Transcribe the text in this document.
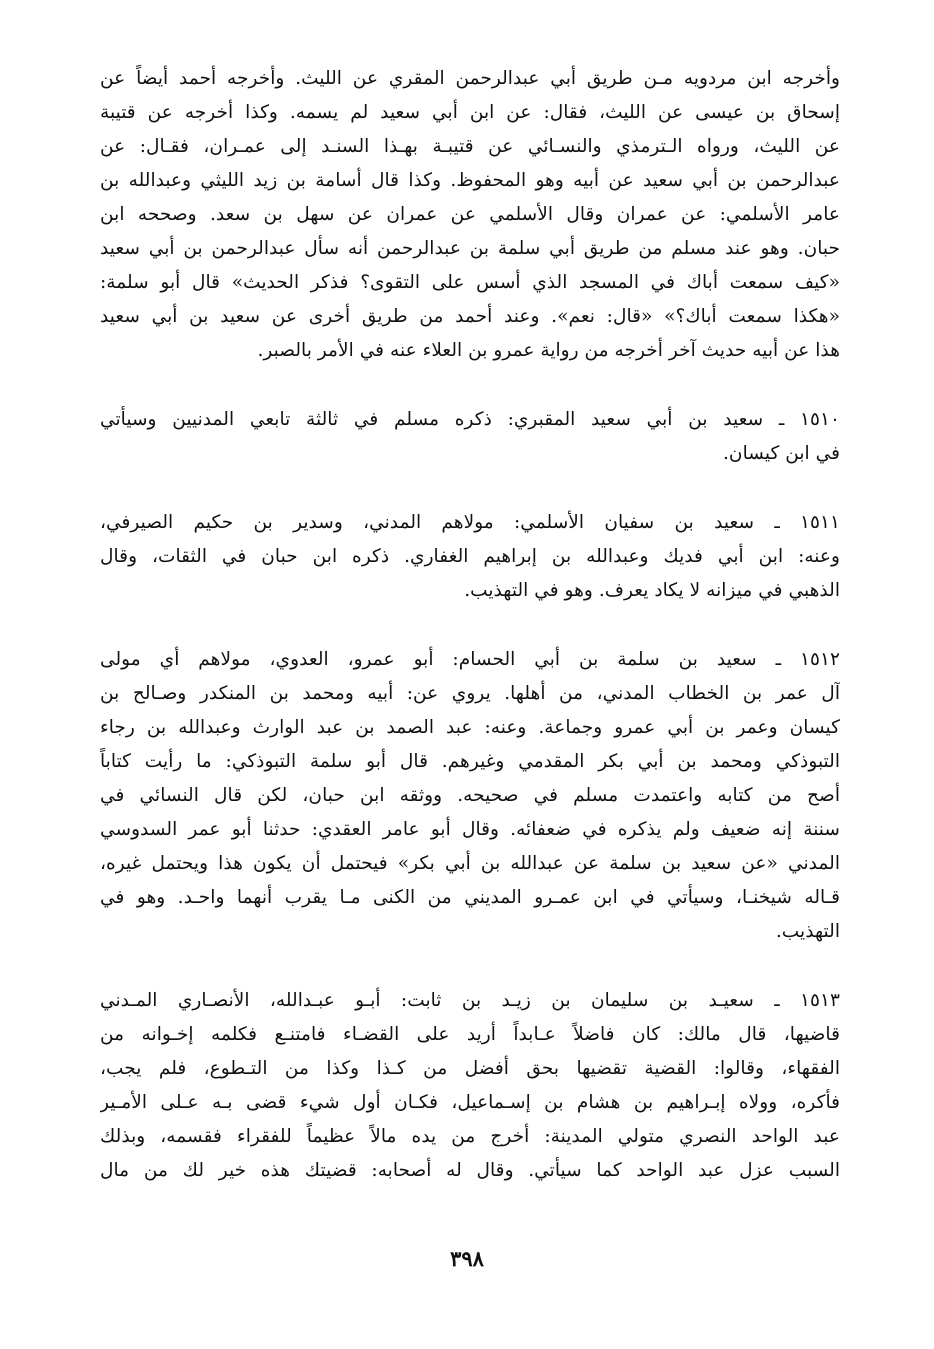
وأخرجه ابن مردويه مـن طريق أبي عبدالرحمن المقري عن الليث. وأخرجه أحمد أيضاً عن
إسحاق بن عيسى عن الليث، فقال: عن ابن أبي سعيد لم يسمه. وكذا أخرجه عن قتيبة
عن الليث، ورواه الـترمذي والنسـائي عن قتيبـة بهـذا السنـد إلى عمـران، فقـال: عن
عبدالرحمن بن أبي سعيد عن أبيه وهو المحفوظ. وكذا قال أسامة بن زيد الليثي وعبدالله بن
عامر الأسلمي: عن عمران وقال الأسلمي عن عمران عن سهل بن سعد. وصححه ابن
حبان. وهو عند مسلم من طريق أبي سلمة بن عبدالرحمن أنه سأل عبدالرحمن بن أبي سعيد
«كيف سمعت أباك في المسجد الذي أسس على التقوى؟ فذكر الحديث» قال أبو سلمة:
«هكذا سمعت أباك؟» «قال: نعم». وعند أحمد من طريق أخرى عن سعيد بن أبي سعيد
هذا عن أبيه حديث آخر أخرجه من رواية عمرو بن العلاء عنه في الأمر بالصبر.
١٥١٠ ـ سعيد بن أبي سعيد المقبري: ذكره مسلم في ثالثة تابعي المدنيين وسيأتي
في ابن كيسان.
١٥١١ ـ سعيد بن سفيان الأسلمي: مولاهم المدني، وسدير بن حكيم الصيرفي،
وعنه: ابن أبي فديك وعبدالله بن إبراهيم الغفاري. ذكره ابن حبان في الثقات، وقال
الذهبي في ميزانه لا يكاد يعرف. وهو في التهذيب.
١٥١٢ ـ سعيد بن سلمة بن أبي الحسام: أبو عمرو، العدوي، مولاهم أي مولى
آل عمر بن الخطاب المدني، من أهلها. يروي عن: أبيه ومحمد بن المنكدر وصـالح بن
كيسان وعمر بن أبي عمرو وجماعة. وعنه: عبد الصمد بن عبد الوارث وعبدالله بن رجاء
التبوذكي ومحمد بن أبي بكر المقدمي وغيرهم. قال أبو سلمة التبوذكي: ما رأيت كتاباً
أصح من كتابه واعتمدت مسلم في صحيحه. ووثقه ابن حبان، لكن قال النسائي في
سننة إنه ضعيف ولم يذكره في ضعفائه. وقال أبو عامر العقدي: حدثنا أبو عمر السدوسي
المدني «عن سعيد بن سلمة عن عبدالله بن أبي بكر» فيحتمل أن يكون هذا ويحتمل غيره،
قـاله شيخنـا، وسيأتي في ابن عمـرو المديني من الكنى مـا يقرب أنهما واحـد. وهو في
التهذيب.
١٥١٣ ـ سعيـد بن سليمان بن زيـد بن ثابت: أبـو عبـدالله، الأنصـاري المـدني
قاضيها، قال مالك: كان فاضلاً عـابداً أريد على القضـاء فامتنـع فكلمه إخـوانه من
الفقهاء، وقالوا: القضية تقضيها بحق أفضل من كـذا وكذا من التـطوع، فلم يجب،
فأكره، وولاه إبـراهيم بن هشام بن إسـماعيل، فكـان أول شيء قضى بـه عـلى الأمـير
عبد الواحد النصري متولي المدينة: أخرج من يده مالاً عظيماً للفقراء فقسمه، وبذلك
السبب عزل عبد الواحد كما سيأتي. وقال له أصحابه: قضيتك هذه خير لك من مال
٣٩٨
